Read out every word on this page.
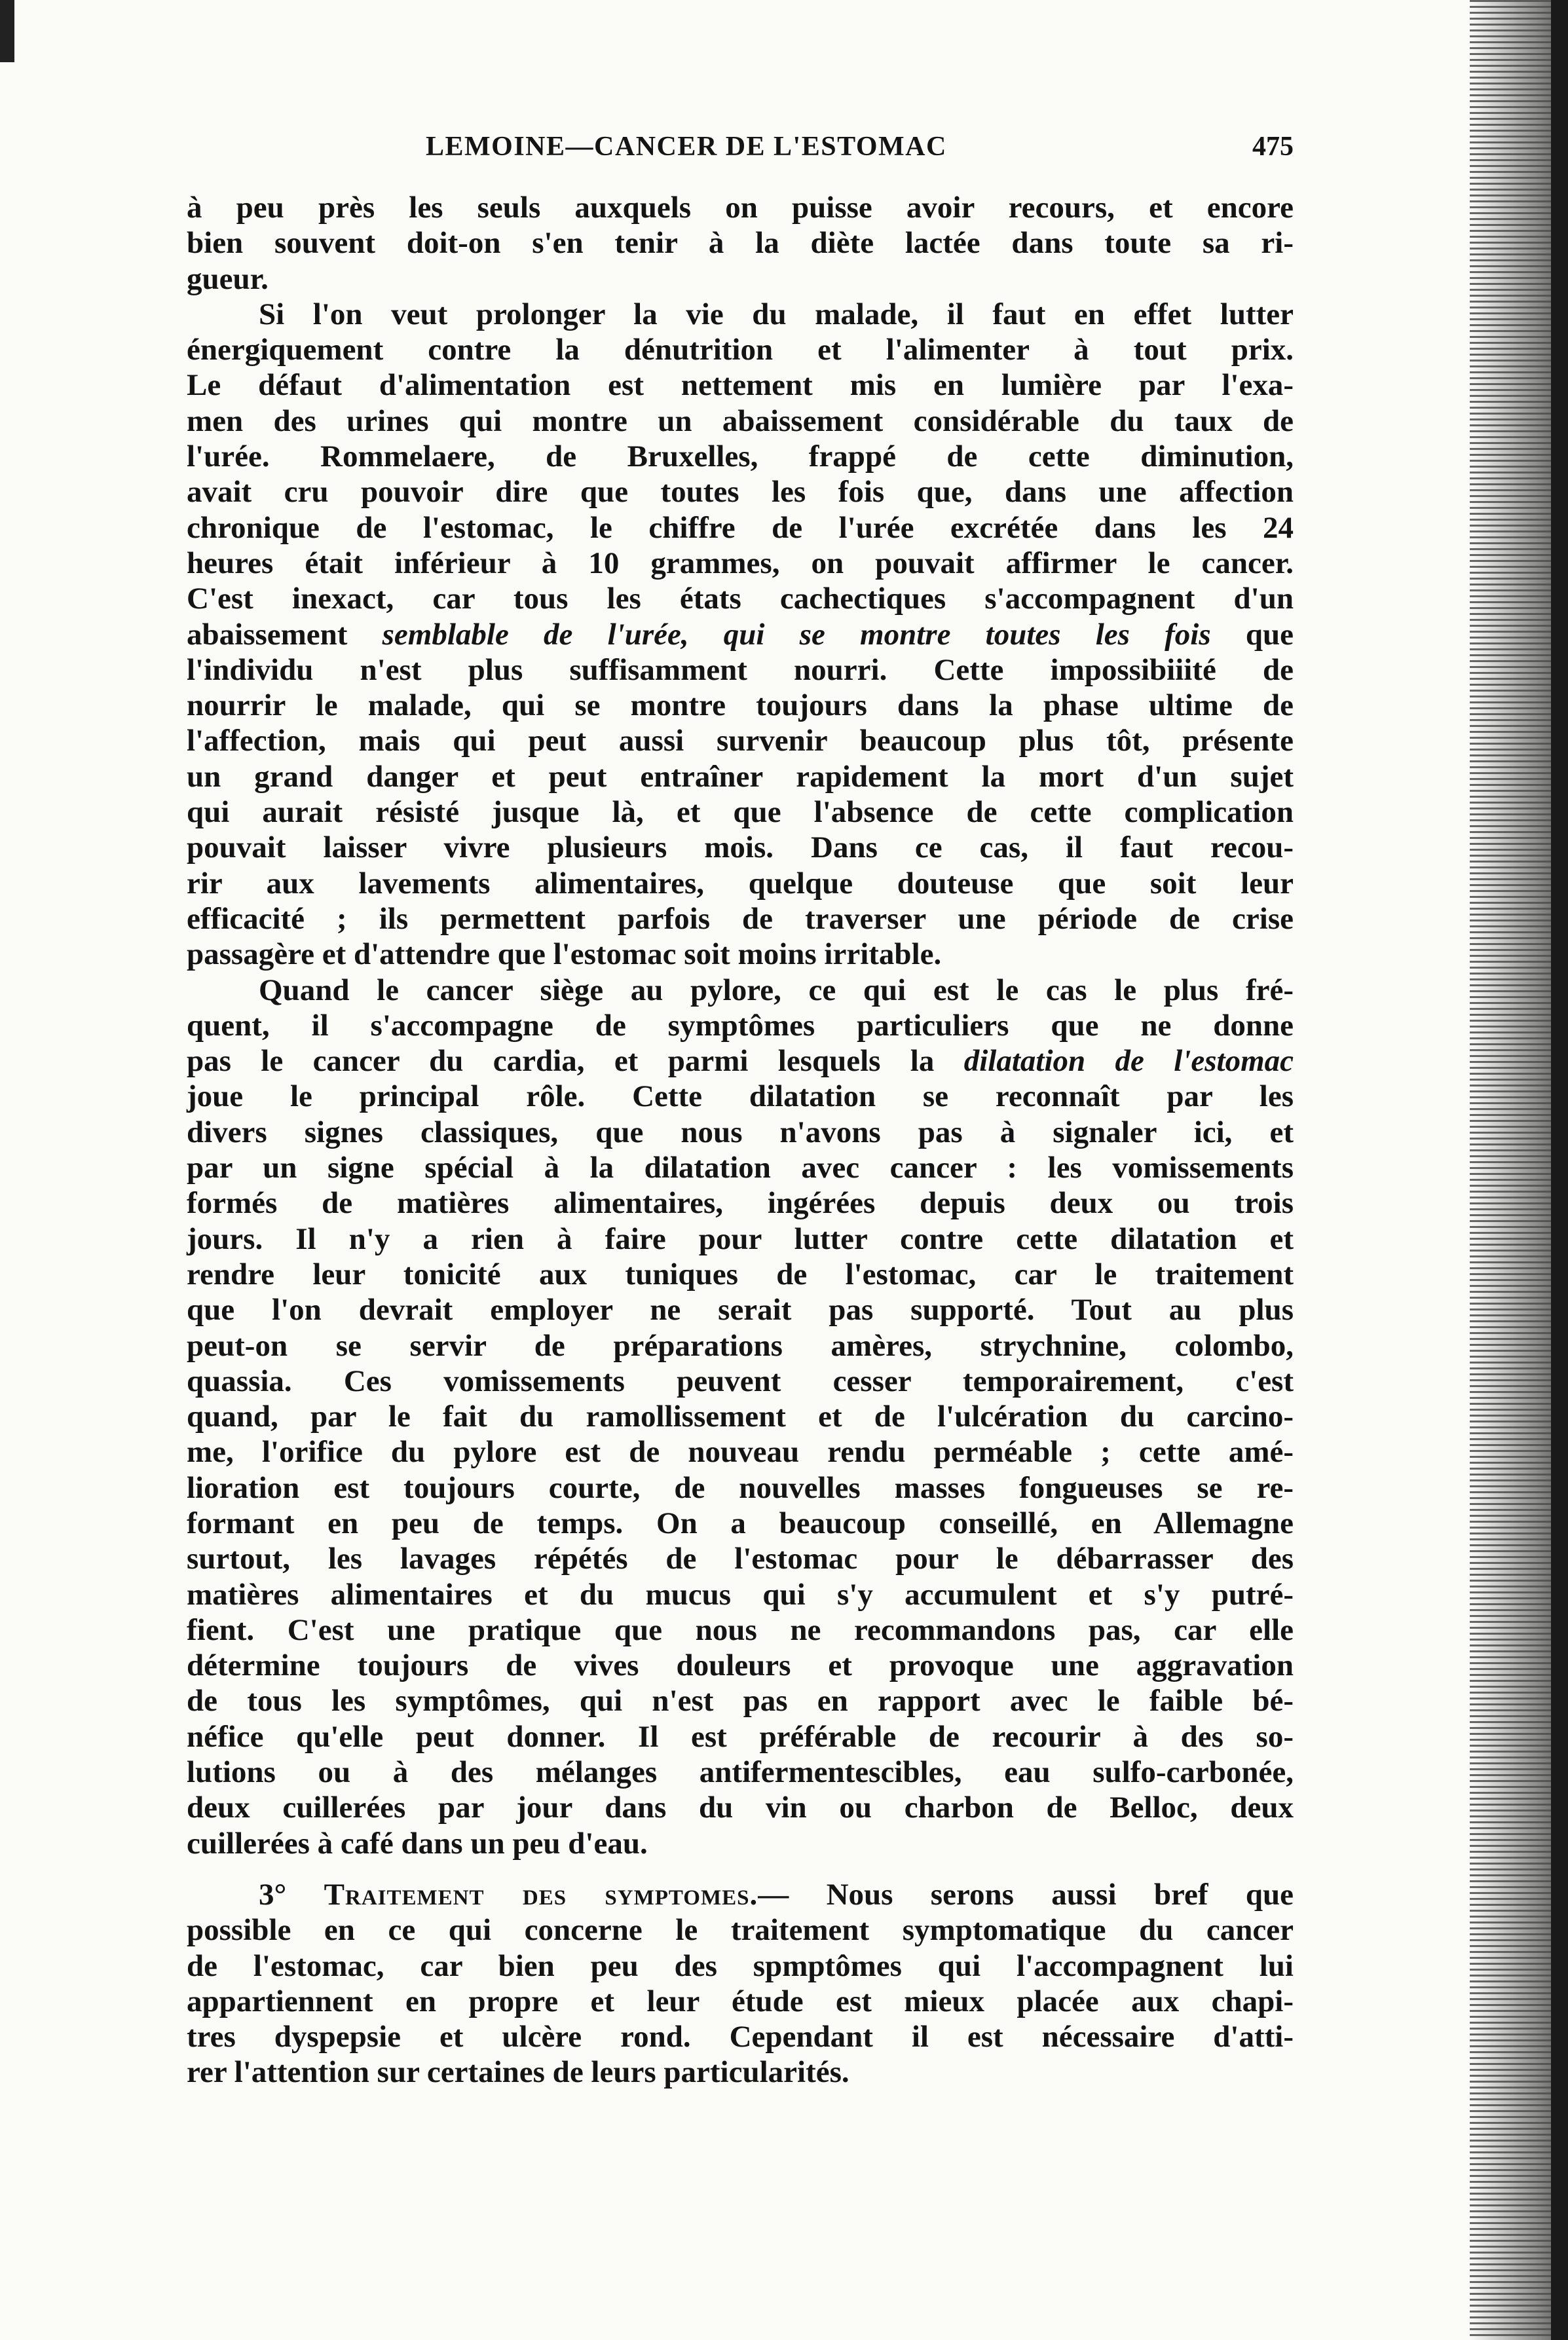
LEMOINE—CANCER DE L'ESTOMAC	475
à peu près les seuls auxquels on puisse avoir recours, et encore
bien souvent doit-on s'en tenir à la diète lactée dans toute sa ri-
gueur.
Si l'on veut prolonger la vie du malade, il faut en effet lutter
énergiquement contre la dénutrition et l'alimenter à tout prix.
Le défaut d'alimentation est nettement mis en lumière par l'exa-
men des urines qui montre un abaissement considérable du taux de
l'urée. Rommelaere, de Bruxelles, frappé de cette diminution,
avait cru pouvoir dire que toutes les fois que, dans une affection
chronique de l'estomac, le chiffre de l'urée excrétée dans les 24
heures était inférieur à 10 grammes, on pouvait affirmer le cancer.
C'est inexact, car tous les états cachectiques s'accompagnent d'un
abaissement semblable de l'urée, qui se montre toutes les fois que
l'individu n'est plus suffisamment nourri. Cette impossibiiité de
nourrir le malade, qui se montre toujours dans la phase ultime de
l'affection, mais qui peut aussi survenir beaucoup plus tôt, présente
un grand danger et peut entraîner rapidement la mort d'un sujet
qui aurait résisté jusque là, et que l'absence de cette complication
pouvait laisser vivre plusieurs mois. Dans ce cas, il faut recou-
rir aux lavements alimentaires, quelque douteuse que soit leur
efficacité ; ils permettent parfois de traverser une période de crise
passagère et d'attendre que l'estomac soit moins irritable.
Quand le cancer siège au pylore, ce qui est le cas le plus fré-
quent, il s'accompagne de symptômes particuliers que ne donne
pas le cancer du cardia, et parmi lesquels la dilatation de l'estomac
joue le principal rôle. Cette dilatation se reconnaît par les
divers signes classiques, que nous n'avons pas à signaler ici, et
par un signe spécial à la dilatation avec cancer : les vomissements
formés de matières alimentaires, ingérées depuis deux ou trois
jours. Il n'y a rien à faire pour lutter contre cette dilatation et
rendre leur tonicité aux tuniques de l'estomac, car le traitement
que l'on devrait employer ne serait pas supporté. Tout au plus
peut-on se servir de préparations amères, strychnine, colombo,
quassia. Ces vomissements peuvent cesser temporairement, c'est
quand, par le fait du ramollissement et de l'ulcération du carcino-
me, l'orifice du pylore est de nouveau rendu perméable ; cette amé-
lioration est toujours courte, de nouvelles masses fongueuses se re-
formant en peu de temps. On a beaucoup conseillé, en Allemagne
surtout, les lavages répétés de l'estomac pour le débarrasser des
matières alimentaires et du mucus qui s'y accumulent et s'y putré-
fient. C'est une pratique que nous ne recommandons pas, car elle
détermine toujours de vives douleurs et provoque une aggravation
de tous les symptômes, qui n'est pas en rapport avec le faible bé-
néfice qu'elle peut donner. Il est préférable de recourir à des so-
lutions ou à des mélanges antifermentescibles, eau sulfo-carbonée,
deux cuillerées par jour dans du vin ou charbon de Belloc, deux
cuillerées à café dans un peu d'eau.
3° Traitement des symptomes.— Nous serons aussi bref que
possible en ce qui concerne le traitement symptomatique du cancer
de l'estomac, car bien peu des spmptômes qui l'accompagnent lui
appartiennent en propre et leur étude est mieux placée aux chapi-
tres dyspepsie et ulcère rond. Cependant il est nécessaire d'atti-
rer l'attention sur certaines de leurs particularités.
